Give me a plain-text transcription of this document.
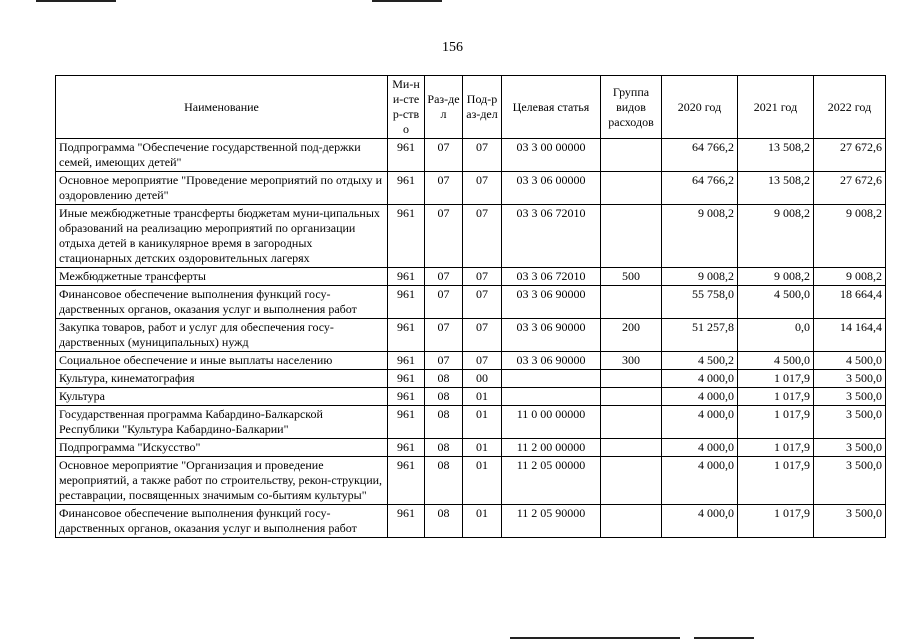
156
Наименование	Ми-ни-стер-ство	Раз-дел	Под-раз-дел	Целевая статья	Группа видов расходов	2020 год	2021 год	2022 год
Подпрограмма "Обеспечение государственной под-держки семей, имеющих детей"	961	07	07	03 3 00 00000		64 766,2	13 508,2	27 672,6
Основное мероприятие "Проведение мероприятий по отдыху и оздоровлению детей"	961	07	07	03 3 06 00000		64 766,2	13 508,2	27 672,6
Иные межбюджетные трансферты бюджетам муни-ципальных образований на реализацию мероприятий по организации отдыха детей в каникулярное время в загородных стационарных детских оздоровительных лагерях	961	07	07	03 3 06 72010		9 008,2	9 008,2	9 008,2
Межбюджетные трансферты	961	07	07	03 3 06 72010	500	9 008,2	9 008,2	9 008,2
Финансовое обеспечение выполнения функций госу-дарственных органов, оказания услуг и выполнения работ	961	07	07	03 3 06 90000		55 758,0	4 500,0	18 664,4
Закупка товаров, работ и услуг для обеспечения госу-дарственных (муниципальных) нужд	961	07	07	03 3 06 90000	200	51 257,8	0,0	14 164,4
Социальное обеспечение и иные выплаты населению	961	07	07	03 3 06 90000	300	4 500,2	4 500,0	4 500,0
Культура, кинематография	961	08	00			4 000,0	1 017,9	3 500,0
Культура	961	08	01			4 000,0	1 017,9	3 500,0
Государственная программа Кабардино-Балкарской Республики "Культура Кабардино-Балкарии"	961	08	01	11 0 00 00000		4 000,0	1 017,9	3 500,0
Подпрограмма "Искусство"	961	08	01	11 2 00 00000		4 000,0	1 017,9	3 500,0
Основное мероприятие "Организация и проведение мероприятий, а также работ по строительству, рекон-струкции, реставрации, посвященных значимым со-бытиям культуры"	961	08	01	11 2 05 00000		4 000,0	1 017,9	3 500,0
Финансовое обеспечение выполнения функций госу-дарственных органов, оказания услуг и выполнения работ	961	08	01	11 2 05 90000		4 000,0	1 017,9	3 500,0
